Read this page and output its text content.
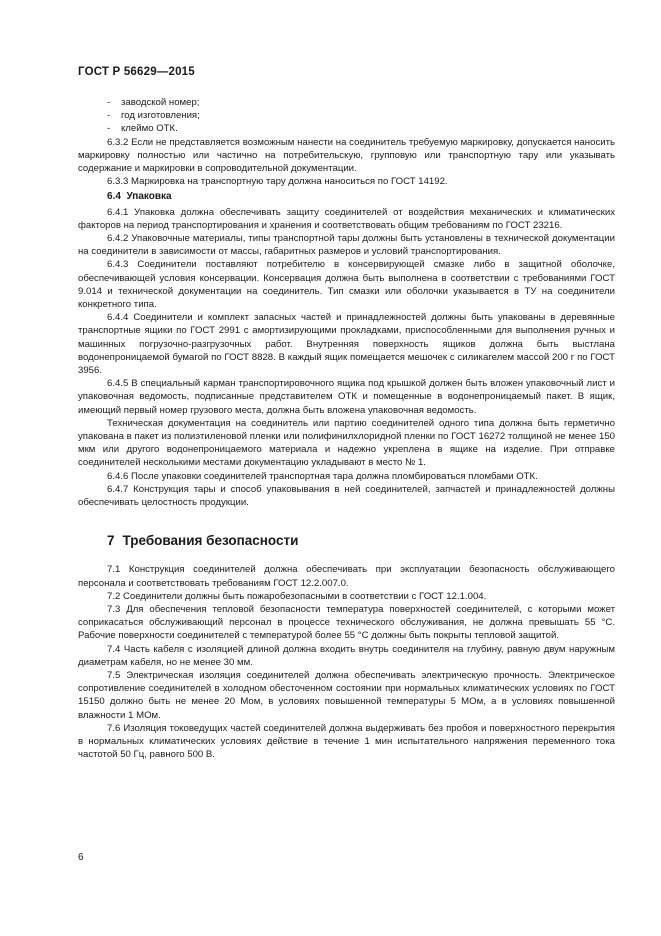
ГОСТ Р 56629—2015

- заводской номер;

- год изготовления;

- клеймо ОТК.

6.3.2 Если не представляется возможным нанести на соединитель требуемую маркировку, допускается наносить маркировку полностью или частично на потребительскую, групповую или транспортную тару или указывать содержание и маркировки в сопроводительной документации.

6.3.3 Маркировка на транспортную тару должна наноситься по ГОСТ 14192.

6.4 Упаковка

6.4.1 Упаковка должна обеспечивать защиту соединителей от воздействия механических и климатических факторов на период транспортирования и хранения и соответствовать общим требованиям по ГОСТ 23216.

6.4.2 Упаковочные материалы, типы транспортной тары должны быть установлены в технической документации на соединители в зависимости от массы, габаритных размеров и условий транспортирования.

6.4.3 Соединители поставляют потребителю в консервирующей смазке либо в защитной оболочке, обеспечивающей условия консервации. Консервация должна быть выполнена в соответствии с требованиями ГОСТ 9.014 и технической документации на соединитель. Тип смазки или оболочки указывается в ТУ на соединители конкретного типа.

6.4.4 Соединители и комплект запасных частей и принадлежностей должны быть упакованы в деревянные транспортные ящики по ГОСТ 2991 с амортизирующими прокладками, приспособленными для выполнения ручных и машинных погрузочно-разгрузочных работ. Внутренняя поверхность ящиков должна быть выстлана водонепроницаемой бумагой по ГОСТ 8828. В каждый ящик помещается мешочек с силикагелем массой 200 г по ГОСТ 3956.

6.4.5 В специальный карман транспортировочного ящика под крышкой должен быть вложен упаковочный лист и упаковочная ведомость, подписанные представителем ОТК и помещенные в водонепроницаемый пакет. В ящик, имеющий первый номер грузового места, должна быть вложена упаковочная ведомость.

Техническая документация на соединитель или партию соединителей одного типа должна быть герметично упакована в пакет из полиэтиленовой пленки или полифинилхлоридной пленки по ГОСТ 16272 толщиной не менее 150 мкм или другого водонепроницаемого материала и надежно укреплена в ящике на изделие. При отправке соединителей несколькими местами документацию укладывают в место № 1.

6.4.6 После упаковки соединителей транспортная тара должна пломбироваться пломбами ОТК.

6.4.7 Конструкция тары и способ упаковывания в ней соединителей, запчастей и принадлежностей должны обеспечивать целостность продукции.

7 Требования безопасности

7.1 Конструкция соединителей должна обеспечивать при эксплуатации безопасность обслуживающего персонала и соответствовать требованиям ГОСТ 12.2.007.0.

7.2 Соединители должны быть пожаробезопасными в соответствии с ГОСТ 12.1.004.

7.3 Для обеспечения тепловой безопасности температура поверхностей соединителей, с которыми может соприкасаться обслуживающий персонал в процессе технического обслуживания, не должна превышать 55 °С. Рабочие поверхности соединителей с температурой более 55 °С должны быть покрыты тепловой защитой.

7.4 Часть кабеля с изоляцией длиной должна входить внутрь соединителя на глубину, равную двум наружным диаметрам кабеля, но не менее 30 мм.

7.5 Электрическая изоляция соединителей должна обеспечивать электрическую прочность. Электрическое сопротивление соединителей в холодном обесточенном состоянии при нормальных климатических условиях по ГОСТ 15150 должно быть не менее 20 Мом, в условиях повышенной температуры 5 МОм, а в условиях повышенной влажности 1 МОм.

7.6 Изоляция токоведущих частей соединителей должна выдерживать без пробоя и поверхностного перекрытия в нормальных климатических условиях действие в течение 1 мин испытательного напряжения переменного тока частотой 50 Гц, равного 500 В.

6
